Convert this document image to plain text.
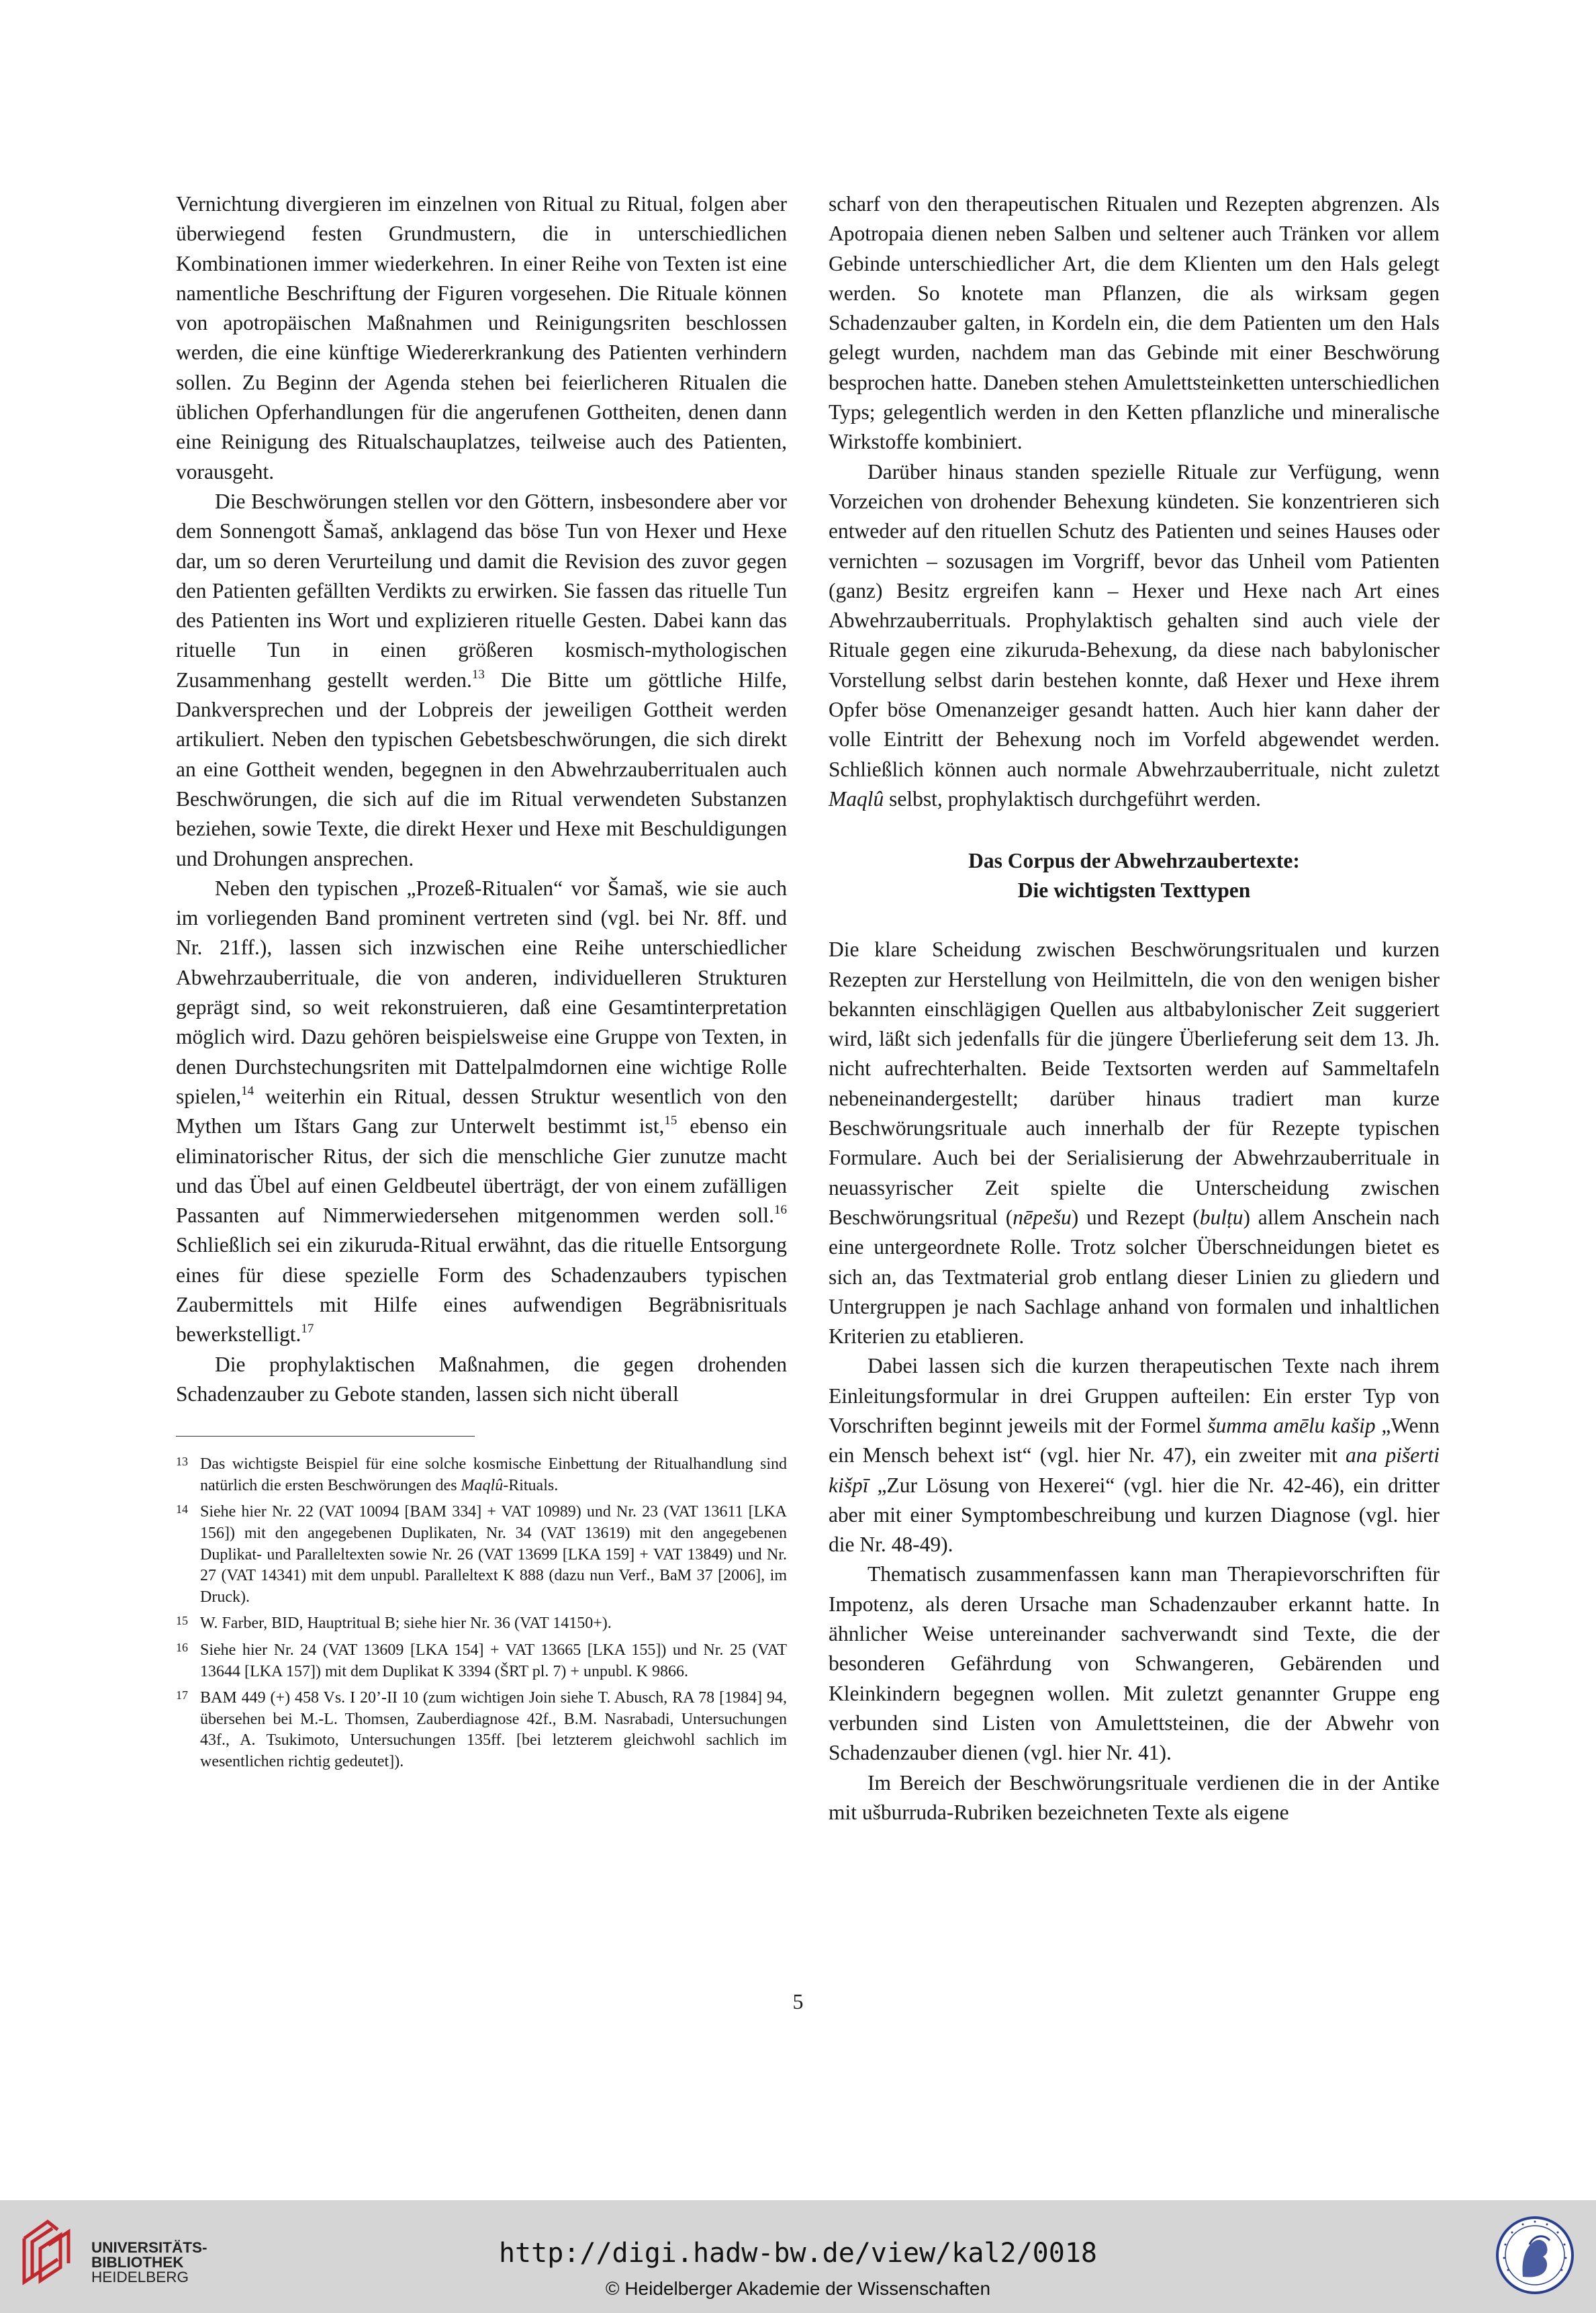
Vernichtung divergieren im einzelnen von Ritual zu Ritual, folgen aber überwiegend festen Grundmustern, die in unterschiedlichen Kombinationen immer wiederkehren. In einer Reihe von Texten ist eine namentliche Beschriftung der Figuren vorgesehen. Die Rituale können von apotropäischen Maßnahmen und Reinigungsriten beschlossen werden, die eine künftige Wiedererkrankung des Patienten verhindern sollen. Zu Beginn der Agenda stehen bei feierlicheren Ritualen die üblichen Opferhandlungen für die angerufenen Gottheiten, denen dann eine Reinigung des Ritualschauplatzes, teilweise auch des Patienten, vorausgeht.

Die Beschwörungen stellen vor den Göttern, insbesondere aber vor dem Sonnengott Šamaš, anklagend das böse Tun von Hexer und Hexe dar, um so deren Verurteilung und damit die Revision des zuvor gegen den Patienten gefällten Verdikts zu erwirken. Sie fassen das rituelle Tun des Patienten ins Wort und explizieren rituelle Gesten. Dabei kann das rituelle Tun in einen größeren kosmisch-mythologischen Zusammenhang gestellt werden.$^{13}$ Die Bitte um göttliche Hilfe, Dankversprechen und der Lobpreis der jeweiligen Gottheit werden artikuliert. Neben den typischen Gebetsbeschwörungen, die sich direkt an eine Gottheit wenden, begegnen in den Abwehrzauberritualen auch Beschwörungen, die sich auf die im Ritual verwendeten Substanzen beziehen, sowie Texte, die direkt Hexer und Hexe mit Beschuldigungen und Drohungen ansprechen.

Neben den typischen „Prozeß-Ritualen“ vor Šamaš, wie sie auch im vorliegenden Band prominent vertreten sind (vgl. bei Nr. 8ff. und Nr. 21ff.), lassen sich inzwischen eine Reihe unterschiedlicher Abwehrzauberrituale, die von anderen, individuelleren Strukturen geprägt sind, so weit rekonstruieren, daß eine Gesamtinterpretation möglich wird. Dazu gehören beispielsweise eine Gruppe von Texten, in denen Durchstechungsriten mit Dattelpalmdornen eine wichtige Rolle spielen,$^{14}$ weiterhin ein Ritual, dessen Struktur wesentlich von den Mythen um Ištars Gang zur Unterwelt bestimmt ist,$^{15}$ ebenso ein eliminatorischer Ritus, der sich die menschliche Gier zunutze macht und das Übel auf einen Geldbeutel überträgt, der von einem zufälligen Passanten auf Nimmerwiedersehen mitgenommen werden soll.$^{16}$ Schließlich sei ein zikuruda-Ritual erwähnt, das die rituelle Entsorgung eines für diese spezielle Form des Schadenzaubers typischen Zaubermittels mit Hilfe eines aufwendigen Begräbnisrituals bewerkstelligt.$^{17}$

Die prophylaktischen Maßnahmen, die gegen drohenden Schadenzauber zu Gebote standen, lassen sich nicht überall

13 Das wichtigste Beispiel für eine solche kosmische Einbettung der Ritualhandlung sind natürlich die ersten Beschwörungen des Maqlû-Rituals.
14 Siehe hier Nr. 22 (VAT 10094 [BAM 334] + VAT 10989) und Nr. 23 (VAT 13611 [LKA 156]) mit den angegebenen Duplikaten, Nr. 34 (VAT 13619) mit den angegebenen Duplikat- und Paralleltexten sowie Nr. 26 (VAT 13699 [LKA 159] + VAT 13849) und Nr. 27 (VAT 14341) mit dem unpubl. Paralleltext K 888 (dazu nun Verf., BaM 37 [2006], im Druck).
15 W. Farber, BID, Hauptritual B; siehe hier Nr. 36 (VAT 14150+).
16 Siehe hier Nr. 24 (VAT 13609 [LKA 154] + VAT 13665 [LKA 155]) und Nr. 25 (VAT 13644 [LKA 157]) mit dem Duplikat K 3394 (ŠRT pl. 7) + unpubl. K 9866.
17 BAM 449 (+) 458 Vs. I 20’-II 10 (zum wichtigen Join siehe T. Abusch, RA 78 [1984] 94, übersehen bei M.-L. Thomsen, Zauberdiagnose 42f., B.M. Nasrabadi, Untersuchungen 43f., A. Tsukimoto, Untersuchungen 135ff. [bei letzterem gleichwohl sachlich im wesentlichen richtig gedeutet]).

scharf von den therapeutischen Ritualen und Rezepten abgrenzen. Als Apotropaia dienen neben Salben und seltener auch Tränken vor allem Gebinde unterschiedlicher Art, die dem Klienten um den Hals gelegt werden. So knotete man Pflanzen, die als wirksam gegen Schadenzauber galten, in Kordeln ein, die dem Patienten um den Hals gelegt wurden, nachdem man das Gebinde mit einer Beschwörung besprochen hatte. Daneben stehen Amulettsteinketten unterschiedlichen Typs; gelegentlich werden in den Ketten pflanzliche und mineralische Wirkstoffe kombiniert.

Darüber hinaus standen spezielle Rituale zur Verfügung, wenn Vorzeichen von drohender Behexung kündeten. Sie konzentrieren sich entweder auf den rituellen Schutz des Patienten und seines Hauses oder vernichten – sozusagen im Vorgriff, bevor das Unheil vom Patienten (ganz) Besitz ergreifen kann – Hexer und Hexe nach Art eines Abwehrzauberrituals. Prophylaktisch gehalten sind auch viele der Rituale gegen eine zikuruda-Behexung, da diese nach babylonischer Vorstellung selbst darin bestehen konnte, daß Hexer und Hexe ihrem Opfer böse Omenanzeiger gesandt hatten. Auch hier kann daher der volle Eintritt der Behexung noch im Vorfeld abgewendet werden. Schließlich können auch normale Abwehrzauberrituale, nicht zuletzt Maqlû selbst, prophylaktisch durchgeführt werden.

Das Corpus der Abwehrzaubertexte:
Die wichtigsten Texttypen

Die klare Scheidung zwischen Beschwörungsritualen und kurzen Rezepten zur Herstellung von Heilmitteln, die von den wenigen bisher bekannten einschlägigen Quellen aus altbabylonischer Zeit suggeriert wird, läßt sich jedenfalls für die jüngere Überlieferung seit dem 13. Jh. nicht aufrechterhalten. Beide Textsorten werden auf Sammeltafeln nebeneinandergestellt; darüber hinaus tradiert man kurze Beschwörungsrituale auch innerhalb der für Rezepte typischen Formulare. Auch bei der Serialisierung der Abwehrzauberrituale in neuassyrischer Zeit spielte die Unterscheidung zwischen Beschwörungsritual (nēpešu) und Rezept (bulṭu) allem Anschein nach eine untergeordnete Rolle. Trotz solcher Überschneidungen bietet es sich an, das Textmaterial grob entlang dieser Linien zu gliedern und Untergruppen je nach Sachlage anhand von formalen und inhaltlichen Kriterien zu etablieren.

Dabei lassen sich die kurzen therapeutischen Texte nach ihrem Einleitungsformular in drei Gruppen aufteilen: Ein erster Typ von Vorschriften beginnt jeweils mit der Formel šumma amēlu kašip „Wenn ein Mensch behext ist“ (vgl. hier Nr. 47), ein zweiter mit ana pišerti kišpī „Zur Lösung von Hexerei“ (vgl. hier die Nr. 42-46), ein dritter aber mit einer Symptombeschreibung und kurzen Diagnose (vgl. hier die Nr. 48-49).

Thematisch zusammenfassen kann man Therapievorschriften für Impotenz, als deren Ursache man Schadenzauber erkannt hatte. In ähnlicher Weise untereinander sachverwandt sind Texte, die der besonderen Gefährdung von Schwangeren, Gebärenden und Kleinkindern begegnen wollen. Mit zuletzt genannter Gruppe eng verbunden sind Listen von Amulettsteinen, die der Abwehr von Schadenzauber dienen (vgl. hier Nr. 41).

Im Bereich der Beschwörungsrituale verdienen die in der Antike mit ušburruda-Rubriken bezeichneten Texte als eigene

5
UNIVERSITÄTS-
BIBLIOTHEK
HEIDELBERG
http://digi.hadw-bw.de/view/kal2/0018
© Heidelberger Akademie der Wissenschaften
